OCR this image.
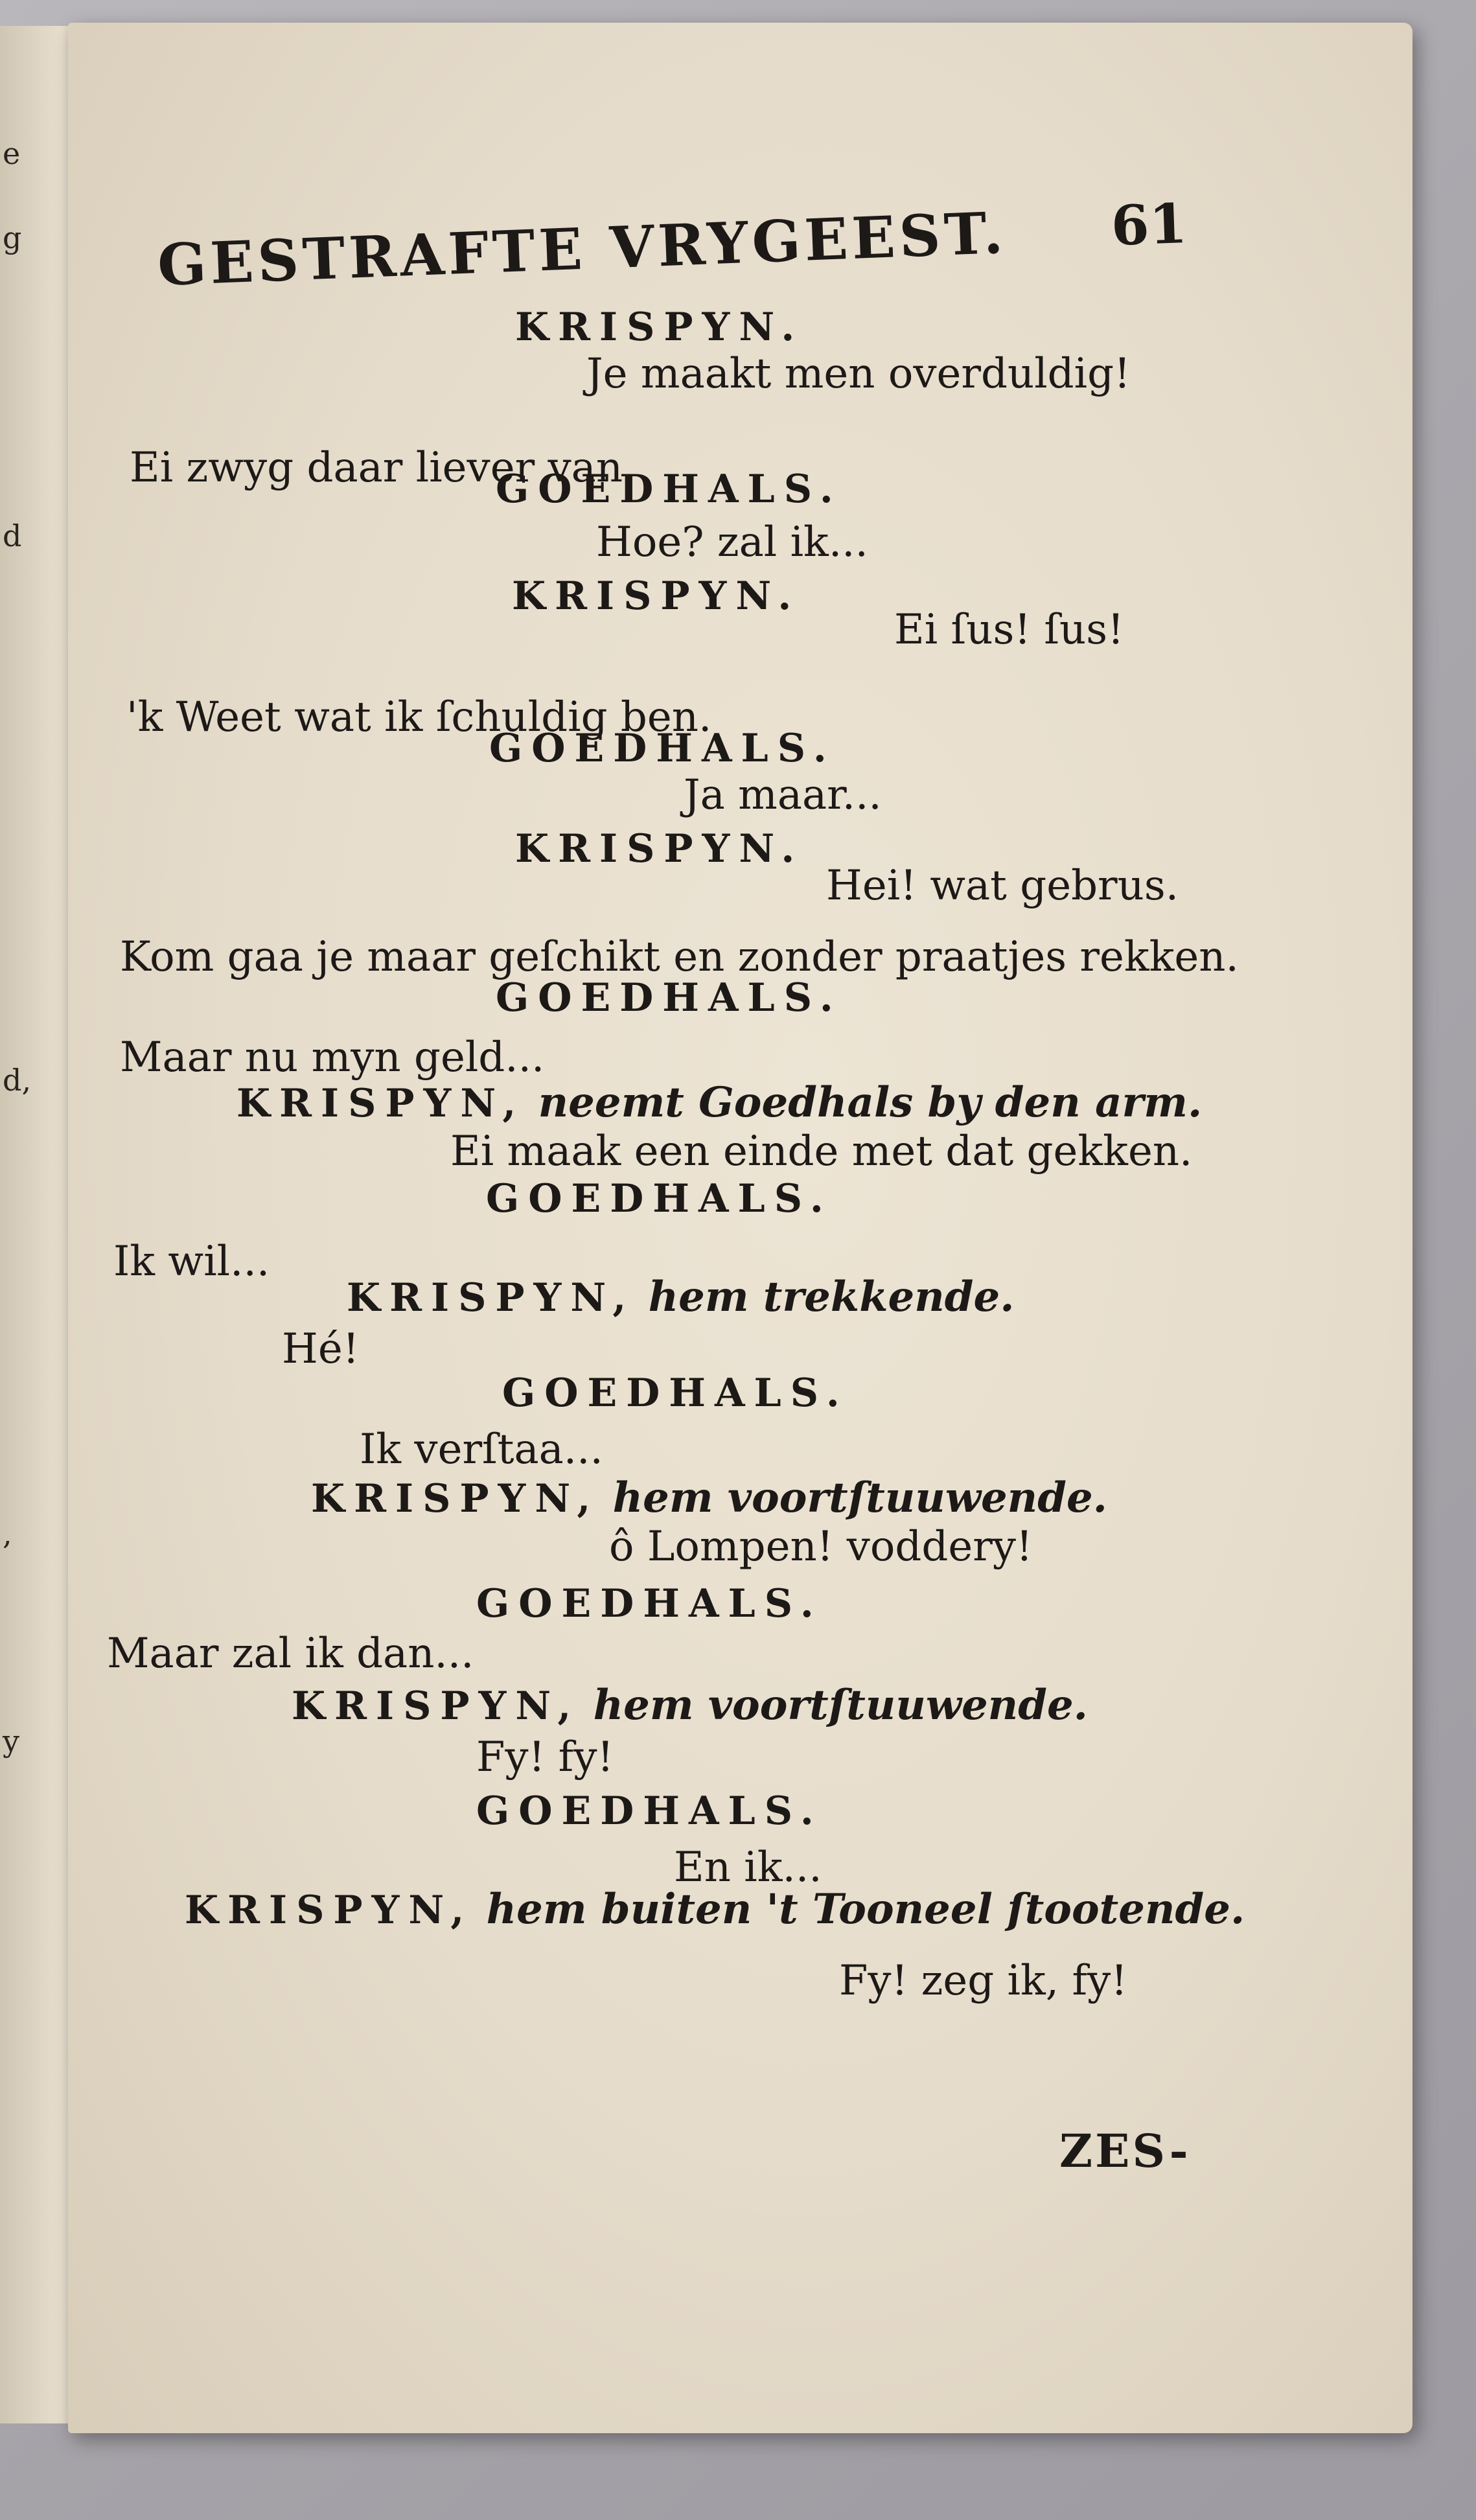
e
g
d
d,
,
y
GESTRAFTE VRYGEEST. 61
KRISPYN.
Je maakt men overduldig!
Ei zwyg daar liever van.
GOEDHALS.
Hoe? zal ik...
KRISPYN.
Ei ſus! ſus!
'k Weet wat ik ſchuldig ben.
GOEDHALS.
Ja maar...
KRISPYN.
Hei! wat gebrus.
Kom gaa je maar geſchikt en zonder praatjes rekken.
GOEDHALS.
Maar nu myn geld...
KRISPYN, neemt Goedhals by den arm.
Ei maak een einde met dat gekken.
GOEDHALS.
Ik wil...
KRISPYN, hem trekkende.
Hé!
GOEDHALS.
Ik verſtaa...
KRISPYN, hem voortſtuuwende.
ô Lompen! voddery!
GOEDHALS.
Maar zal ik dan...
KRISPYN, hem voortſtuuwende.
Fy! fy!
GOEDHALS.
En ik...
KRISPYN, hem buiten 't Tooneel ſtootende.
Fy! zeg ik, fy!
ZES-
